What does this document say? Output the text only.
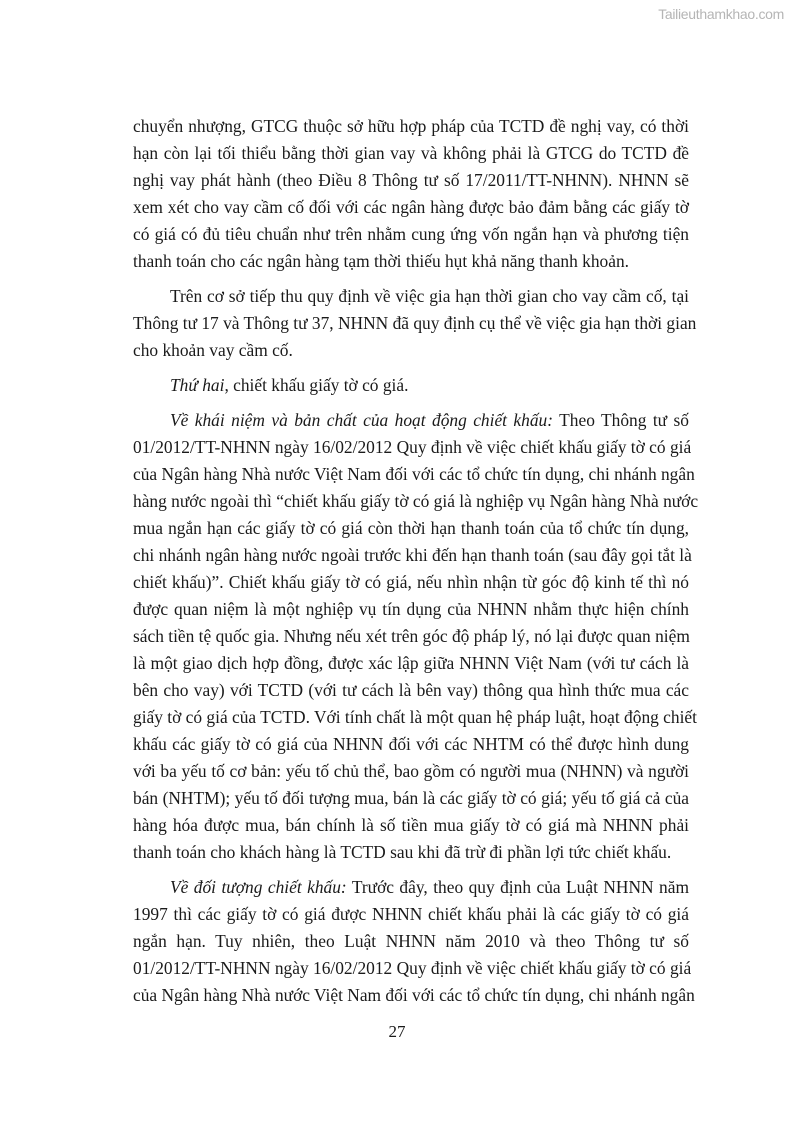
Tailieuthamkhao.com
chuyển nhượng, GTCG thuộc sở hữu hợp pháp của TCTD đề nghị vay, có thời
hạn còn lại tối thiểu bằng thời gian vay và không phải là GTCG do TCTD đề
nghị vay phát hành (theo Điều 8 Thông tư số 17/2011/TT-NHNN). NHNN sẽ
xem xét cho vay cầm cố đối với các ngân hàng được bảo đảm bằng các giấy tờ
có giá có đủ tiêu chuẩn như trên nhằm cung ứng vốn ngắn hạn và phương tiện
thanh toán cho các ngân hàng tạm thời thiếu hụt khả năng thanh khoản.
Trên cơ sở tiếp thu quy định về việc gia hạn thời gian cho vay cầm cố, tại
Thông tư 17 và Thông tư 37, NHNN đã quy định cụ thể về việc gia hạn thời gian
cho khoản vay cầm cố.
Thứ hai, chiết khấu giấy tờ có giá.
Về khái niệm và bản chất của hoạt động chiết khấu: Theo Thông tư số
01/2012/TT-NHNN ngày 16/02/2012 Quy định về việc chiết khấu giấy tờ có giá
của Ngân hàng Nhà nước Việt Nam đối với các tổ chức tín dụng, chi nhánh ngân
hàng nước ngoài thì “chiết khấu giấy tờ có giá là nghiệp vụ Ngân hàng Nhà nước
mua ngắn hạn các giấy tờ có giá còn thời hạn thanh toán của tổ chức tín dụng,
chi nhánh ngân hàng nước ngoài trước khi đến hạn thanh toán (sau đây gọi tắt là
chiết khấu)”. Chiết khấu giấy tờ có giá, nếu nhìn nhận từ góc độ kinh tế thì nó
được quan niệm là một nghiệp vụ tín dụng của NHNN nhằm thực hiện chính
sách tiền tệ quốc gia. Nhưng nếu xét trên góc độ pháp lý, nó lại được quan niệm
là một giao dịch hợp đồng, được xác lập giữa NHNN Việt Nam (với tư cách là
bên cho vay) với TCTD (với tư cách là bên vay) thông qua hình thức mua các
giấy tờ có giá của TCTD. Với tính chất là một quan hệ pháp luật, hoạt động chiết
khấu các giấy tờ có giá của NHNN đối với các NHTM có thể được hình dung
với ba yếu tố cơ bản: yếu tố chủ thể, bao gồm có người mua (NHNN) và người
bán (NHTM); yếu tố đối tượng mua, bán là các giấy tờ có giá; yếu tố giá cả của
hàng hóa được mua, bán chính là số tiền mua giấy tờ có giá mà NHNN phải
thanh toán cho khách hàng là TCTD sau khi đã trừ đi phần lợi tức chiết khấu.
Về đối tượng chiết khấu: Trước đây, theo quy định của Luật NHNN năm
1997 thì các giấy tờ có giá được NHNN chiết khấu phải là các giấy tờ có giá
ngắn hạn. Tuy nhiên, theo Luật NHNN năm 2010 và theo Thông tư số
01/2012/TT-NHNN ngày 16/02/2012 Quy định về việc chiết khấu giấy tờ có giá
của Ngân hàng Nhà nước Việt Nam đối với các tổ chức tín dụng, chi nhánh ngân
27
